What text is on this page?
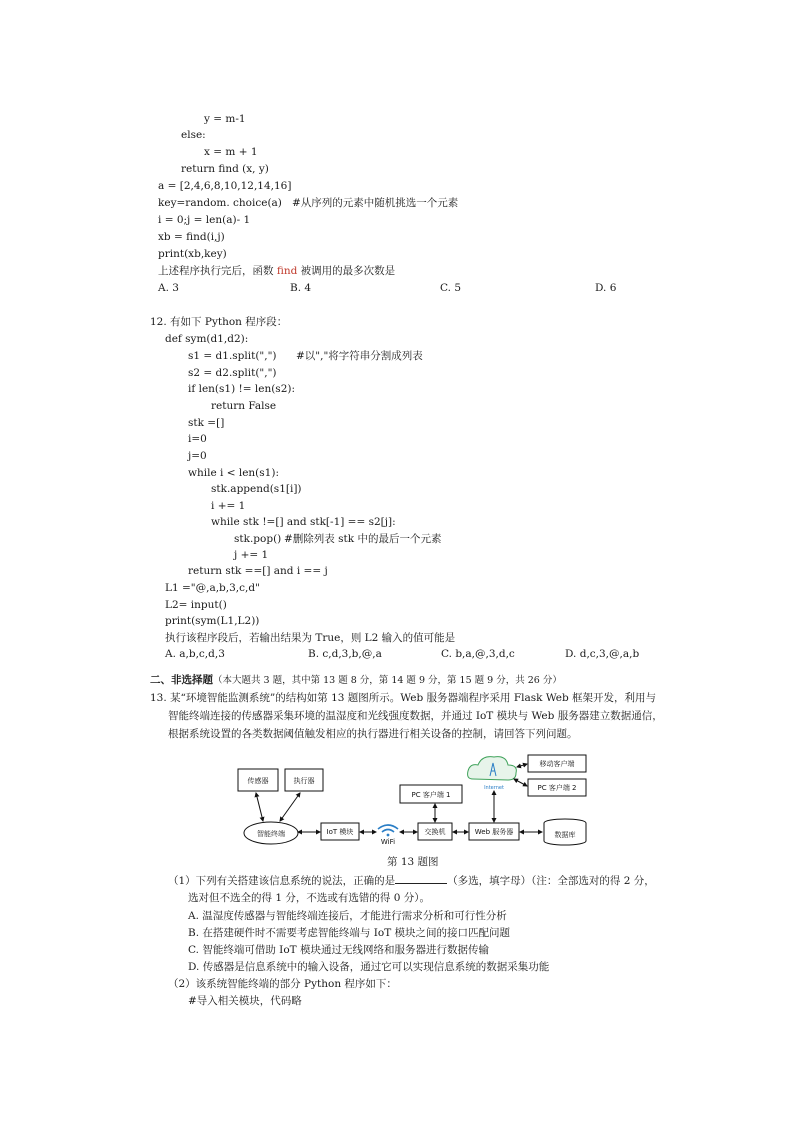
y = m-1
else:
x = m + 1
return find (x, y)
a = [2,4,6,8,10,12,14,16]
key=random. choice(a) #从序列的元素中随机挑选一个元素
i = 0;j = len(a)- 1
xb = find(i,j)
print(xb,key)
上述程序执行完后，函数 find 被调用的最多次数是
A. 3	B. 4	C. 5	D. 6
12. 有如下 Python 程序段：
def sym(d1,d2):
s1 = d1.split(",") #以","将字符串分割成列表
s2 = d2.split(",")
if len(s1) != len(s2):
return False
stk =[]
i=0
j=0
while i < len(s1):
stk.append(s1[i])
i += 1
while stk !=[] and stk[-1] == s2[j]:
stk.pop() #删除列表 stk 中的最后一个元素
j += 1
return stk ==[] and i == j
L1 ="@,a,b,3,c,d"
L2= input()
print(sym(L1,L2))
执行该程序段后，若输出结果为 True，则 L2 输入的值可能是
A. a,b,c,d,3	B. c,d,3,b,@,a	C. b,a,@,3,d,c	D. d,c,3,@,a,b
二、非选择题（本大题共 3 题，其中第 13 题 8 分，第 14 题 9 分，第 15 题 9 分，共 26 分）
13. 某“环境智能监测系统”的结构如第 13 题图所示。Web 服务器端程序采用 Flask Web 框架开发，利用与
智能终端连接的传感器采集环境的温湿度和光线强度数据，并通过 IoT 模块与 Web 服务器建立数据通信，
根据系统设置的各类数据阈值触发相应的执行器进行相关设备的控制，请回答下列问题。
传感器	执行器
智能终端	IoT 模块
WiFi
交换机
PC 客户端 1
Web 服务器	数据库
Internet
移动客户端
PC 客户端 2
第 13 题图
（1）下列有关搭建该信息系统的说法，正确的是	（多选，填字母）（注：全部选对的得 2 分，
选对但不选全的得 1 分，不选或有选错的得 0 分）。
A. 温湿度传感器与智能终端连接后，才能进行需求分析和可行性分析
B. 在搭建硬件时不需要考虑智能终端与 IoT 模块之间的接口匹配问题
C. 智能终端可借助 IoT 模块通过无线网络和服务器进行数据传输
D. 传感器是信息系统中的输入设备，通过它可以实现信息系统的数据采集功能
（2）该系统智能终端的部分 Python 程序如下：
#导入相关模块，代码略
